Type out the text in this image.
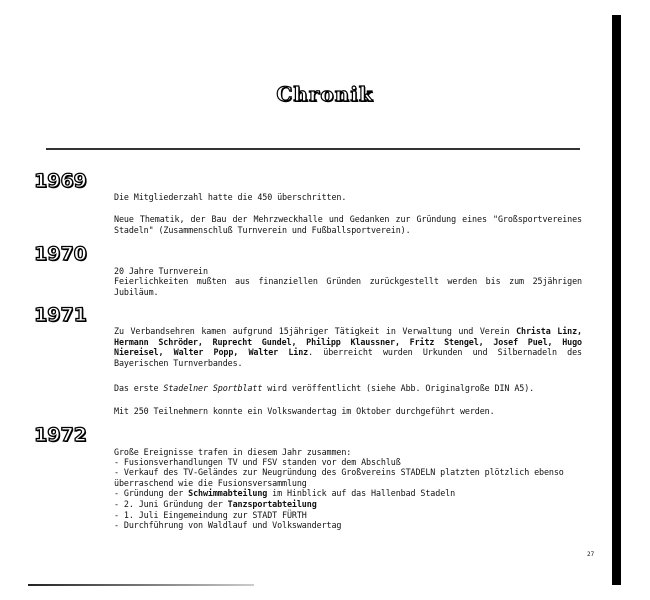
Chronik
1969
Die Mitgliederzahl hatte die 450 überschritten.
Neue Thematik, der Bau der Mehrzweckhalle und Gedanken zur Gründung eines "Großsportvereines Stadeln" (Zusammenschluß Turnverein und Fußballsportverein).
1970
20 Jahre Turnverein
Feierlichkeiten mußten aus finanziellen Gründen zurückgestellt werden bis zum 25jährigen Jubiläum.
1971
Zu Verbandsehren kamen aufgrund 15jähriger Tätigkeit in Verwaltung und Verein Christa Linz, Hermann Schröder, Ruprecht Gundel, Philipp Klaussner, Fritz Stengel, Josef Puel, Hugo Niereisel, Walter Popp, Walter Linz. überreicht wurden Urkunden und Silbernadeln des Bayerischen Turnverbandes.
Das erste Stadelner Sportblatt wird veröffentlicht (siehe Abb. Originalgroße DIN A5).
Mit 250 Teilnehmern konnte ein Volkswandertag im Oktober durchgeführt werden.
1972
Große Ereignisse trafen in diesem Jahr zusammen:
- Fusionsverhandlungen TV und FSV standen vor dem Abschluß
- Verkauf des TV-Geländes zur Neugründung des Großvereins STADELN platzten plötzlich ebenso überraschend wie die Fusionsversammlung
- Gründung der Schwimmabteilung im Hinblick auf das Hallenbad Stadeln
- 2. Juni Gründung der Tanzsportabteilung
- 1. Juli Eingemeindung zur STADT FÜRTH
- Durchführung von Waldlauf und Volkswandertag
27
